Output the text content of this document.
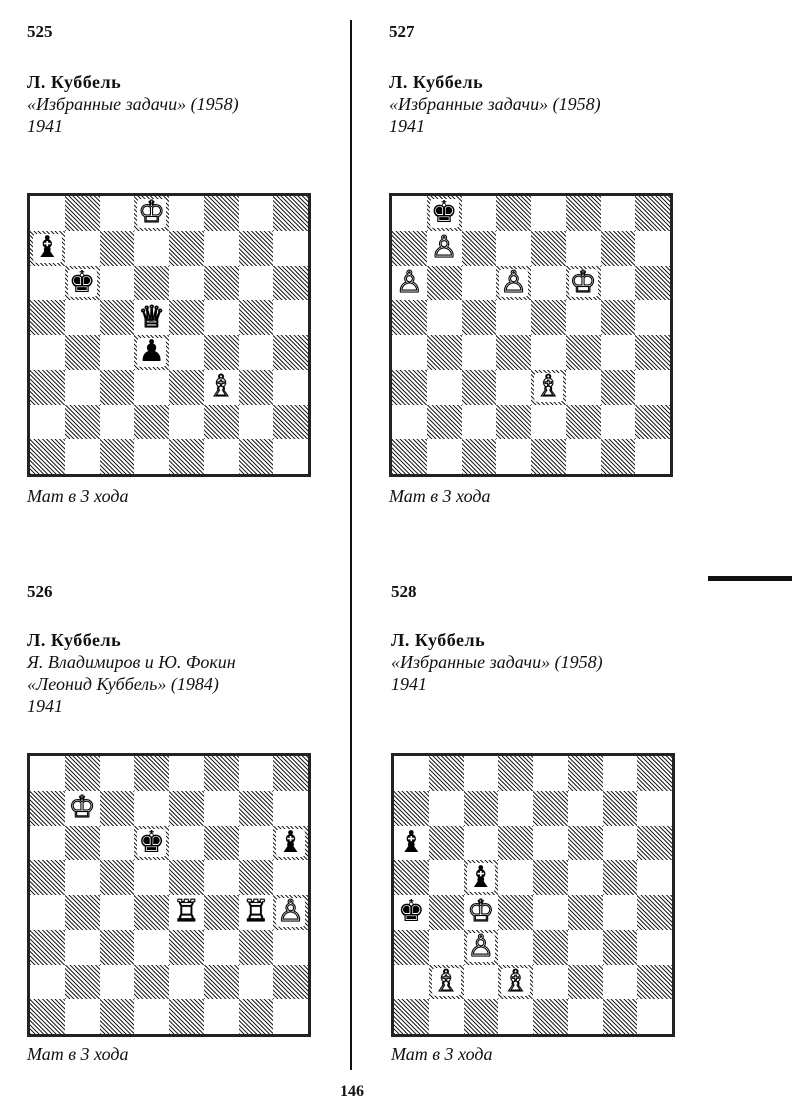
525
Л. Куббель
«Избранные задачи» (1958)
1941
♔
♝
♚
♕
♟
♗
Мат в 3 хода
527
Л. Куббель
«Избранные задачи» (1958)
1941
♚
♙
♙	♙ ♔
♗
Мат в 3 хода
526
Л. Куббель
Я. Владимиров и Ю. Фокин
«Леонид Куббель» (1984)
1941
♔
♚	♝
♖ ♖ ♙
Мат в 3 хода
528
Л. Куббель
«Избранные задачи» (1958)
1941
♝
♝
♚ ♔
♙
♗ ♗
Мат в 3 хода
146
